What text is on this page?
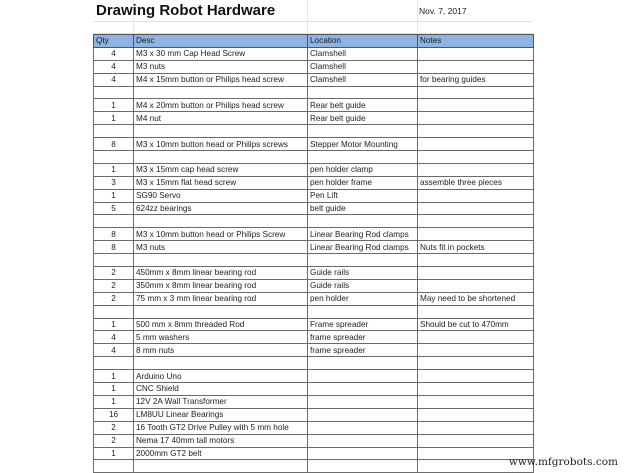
Drawing Robot Hardware	Nov. 7, 2017
Qty	Desc	Location	Notes
4	M3 x 30 mm Cap Head Screw	Clamshell	
4	M3 nuts	Clamshell	
4	M4 x 15mm button or Philips head screw	Clamshell	for bearing guides

1	M4 x 20mm button or Philips head screw	Rear belt guide	
1	M4 nut	Rear belt guide	

8	M3 x 10mm button head or Philips screws	Stepper Motor Mounting	

1	M3 x 15mm cap head screw	pen holder clamp	
3	M3 x 15mm flat head screw	pen holder frame	assemble three pieces
1	SG90 Servo	Pen Lift	
5	624zz bearings	belt guide	

8	M3 x 10mm button head or Philips Screw	Linear Bearing Rod clamps	
8	M3 nuts	Linear Bearing Rod clamps	Nuts fit in pockets

2	450mm x 8mm linear bearing rod	Guide rails	
2	350mm x 8mm linear bearing rod	Guide rails	
2	75 mm x 3 mm linear bearing rod	pen holder	May need to be shortened

1	500 mm x 8mm threaded Rod	Frame spreader	Should be cut to 470mm
4	5 mm washers	frame spreader	
4	8 mm nuts	frame spreader	

1	Arduino Uno		
1	CNC Shield		
1	12V 2A Wall Transformer		
16	LM8UU Linear Bearings		
2	16 Tooth GT2 Drive Pulley with 5 mm hole		
2	Nema 17 40mm tall motors		
1	2000mm GT2 belt		

www.mfgrobots.com
